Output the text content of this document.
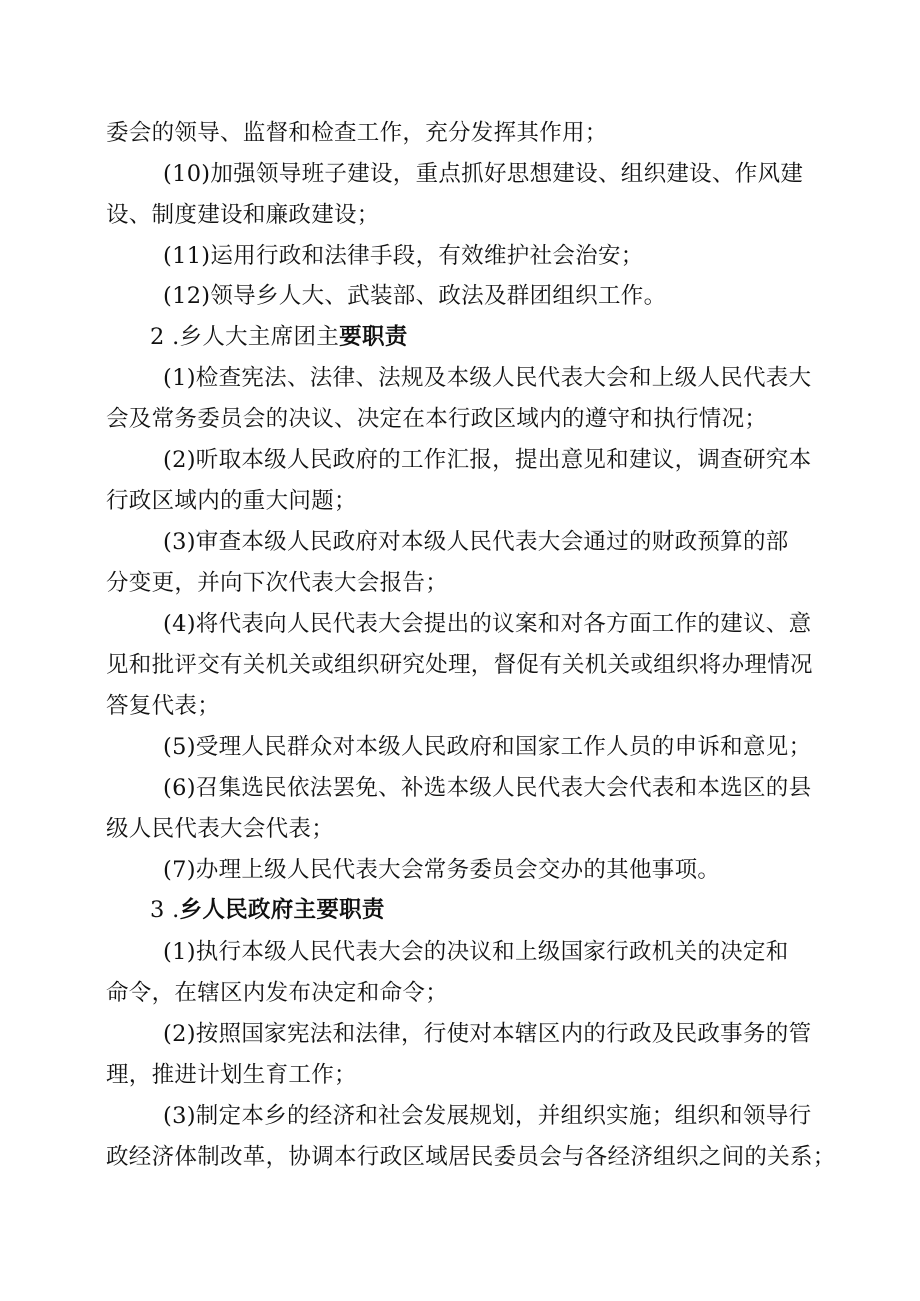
委会的领导、监督和检查工作，充分发挥其作用；
(10)加强领导班子建设，重点抓好思想建设、组织建设、作风建
设、制度建设和廉政建设；
(11)运用行政和法律手段，有效维护社会治安；
(12)领导乡人大、武装部、政法及群团组织工作。
2 .乡人大主席团主要职责
(1)检查宪法、法律、法规及本级人民代表大会和上级人民代表大
会及常务委员会的决议、决定在本行政区域内的遵守和执行情况；
(2)听取本级人民政府的工作汇报，提出意见和建议，调查研究本
行政区域内的重大问题；
(3)审查本级人民政府对本级人民代表大会通过的财政预算的部
分变更，并向下次代表大会报告；
(4)将代表向人民代表大会提出的议案和对各方面工作的建议、意
见和批评交有关机关或组织研究处理，督促有关机关或组织将办理情况
答复代表；
(5)受理人民群众对本级人民政府和国家工作人员的申诉和意见；
(6)召集选民依法罢免、补选本级人民代表大会代表和本选区的县
级人民代表大会代表；
(7)办理上级人民代表大会常务委员会交办的其他事项。
3 .乡人民政府主要职责
(1)执行本级人民代表大会的决议和上级国家行政机关的决定和
命令，在辖区内发布决定和命令；
(2)按照国家宪法和法律，行使对本辖区内的行政及民政事务的管
理，推进计划生育工作；
(3)制定本乡的经济和社会发展规划，并组织实施；组织和领导行
政经济体制改革，协调本行政区域居民委员会与各经济组织之间的关系；
